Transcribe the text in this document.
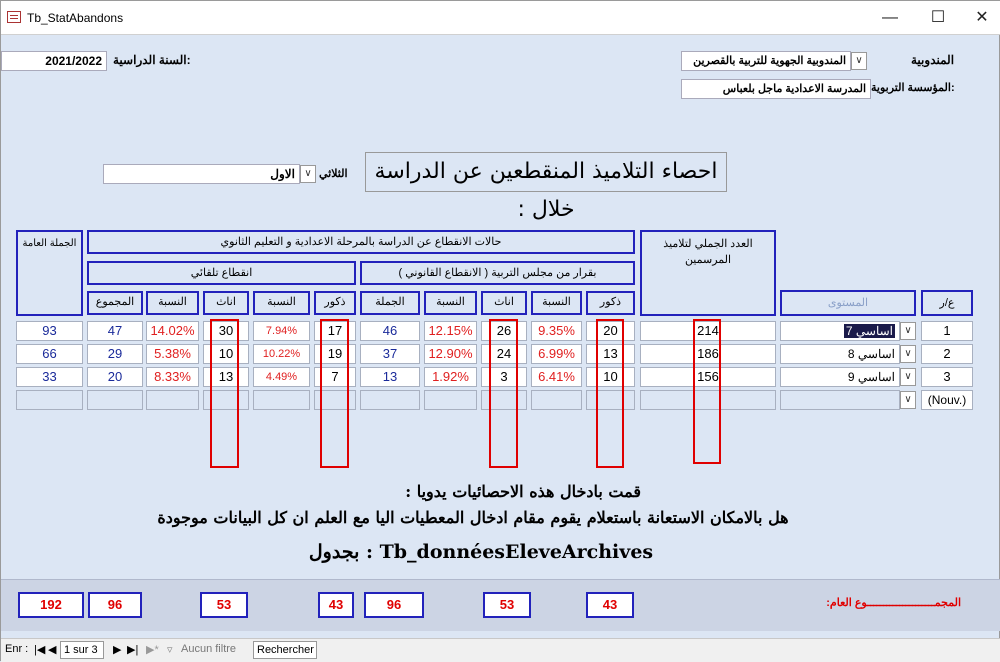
Tb_StatAbandons	— ☐ ✕
2021/2022 السنة الدراسية:	المندوبية الجهوية للتربية بالقصرين ∨	المندوبية
المدرسة الاعدادية ماجل بلعباس المؤسسة التربوية:
احصاء التلاميذ المنقطعين عن الدراسة خلال :
الثلاثي
الاول ∨
الجملة العامة	حالات الانقطاع عن الدراسة بالمرحلة الاعدادية و التعليم الثانوي
انقطاع تلقائي	بقرار من مجلس التربية ( الانقطاع القانوني )
العدد الجملي لتلاميذ المرسمين
المستوى	ع/ر
المجموع	النسبة	اناث	النسبة	ذكور	الجملة	النسبة	اناث	النسبة	ذكور
93	47	14.02%	30	7.94%	17	46	12.15%	26	9.35%	20	214	7 اساسي	∨	1
66	29	5.38%	10	10.22%	19	37	12.90%	24	6.99%	13	186	8 اساسي ∨	2
33	20	8.33%	13	4.49%	7	13	1.92%	3	6.41%	10	156	9 اساسي ∨	3
∨	(Nouv.)
قمت بادخال هذه الاحصائيات يدويا :
هل بالامكان الاستعانة باستعلام يقوم مقام ادخال المعطيات اليا مع العلم ان كل البيانات موجودة
Tb_donnéesEleveArchives : بجدول
192	96	53	43	96	53	43	المجمـــــــــــــــــــــوع العام:
Enr : |◀ ◀ 1 sur 3	▶ ▶| ▶* ▿ Aucun filtre	Rechercher
